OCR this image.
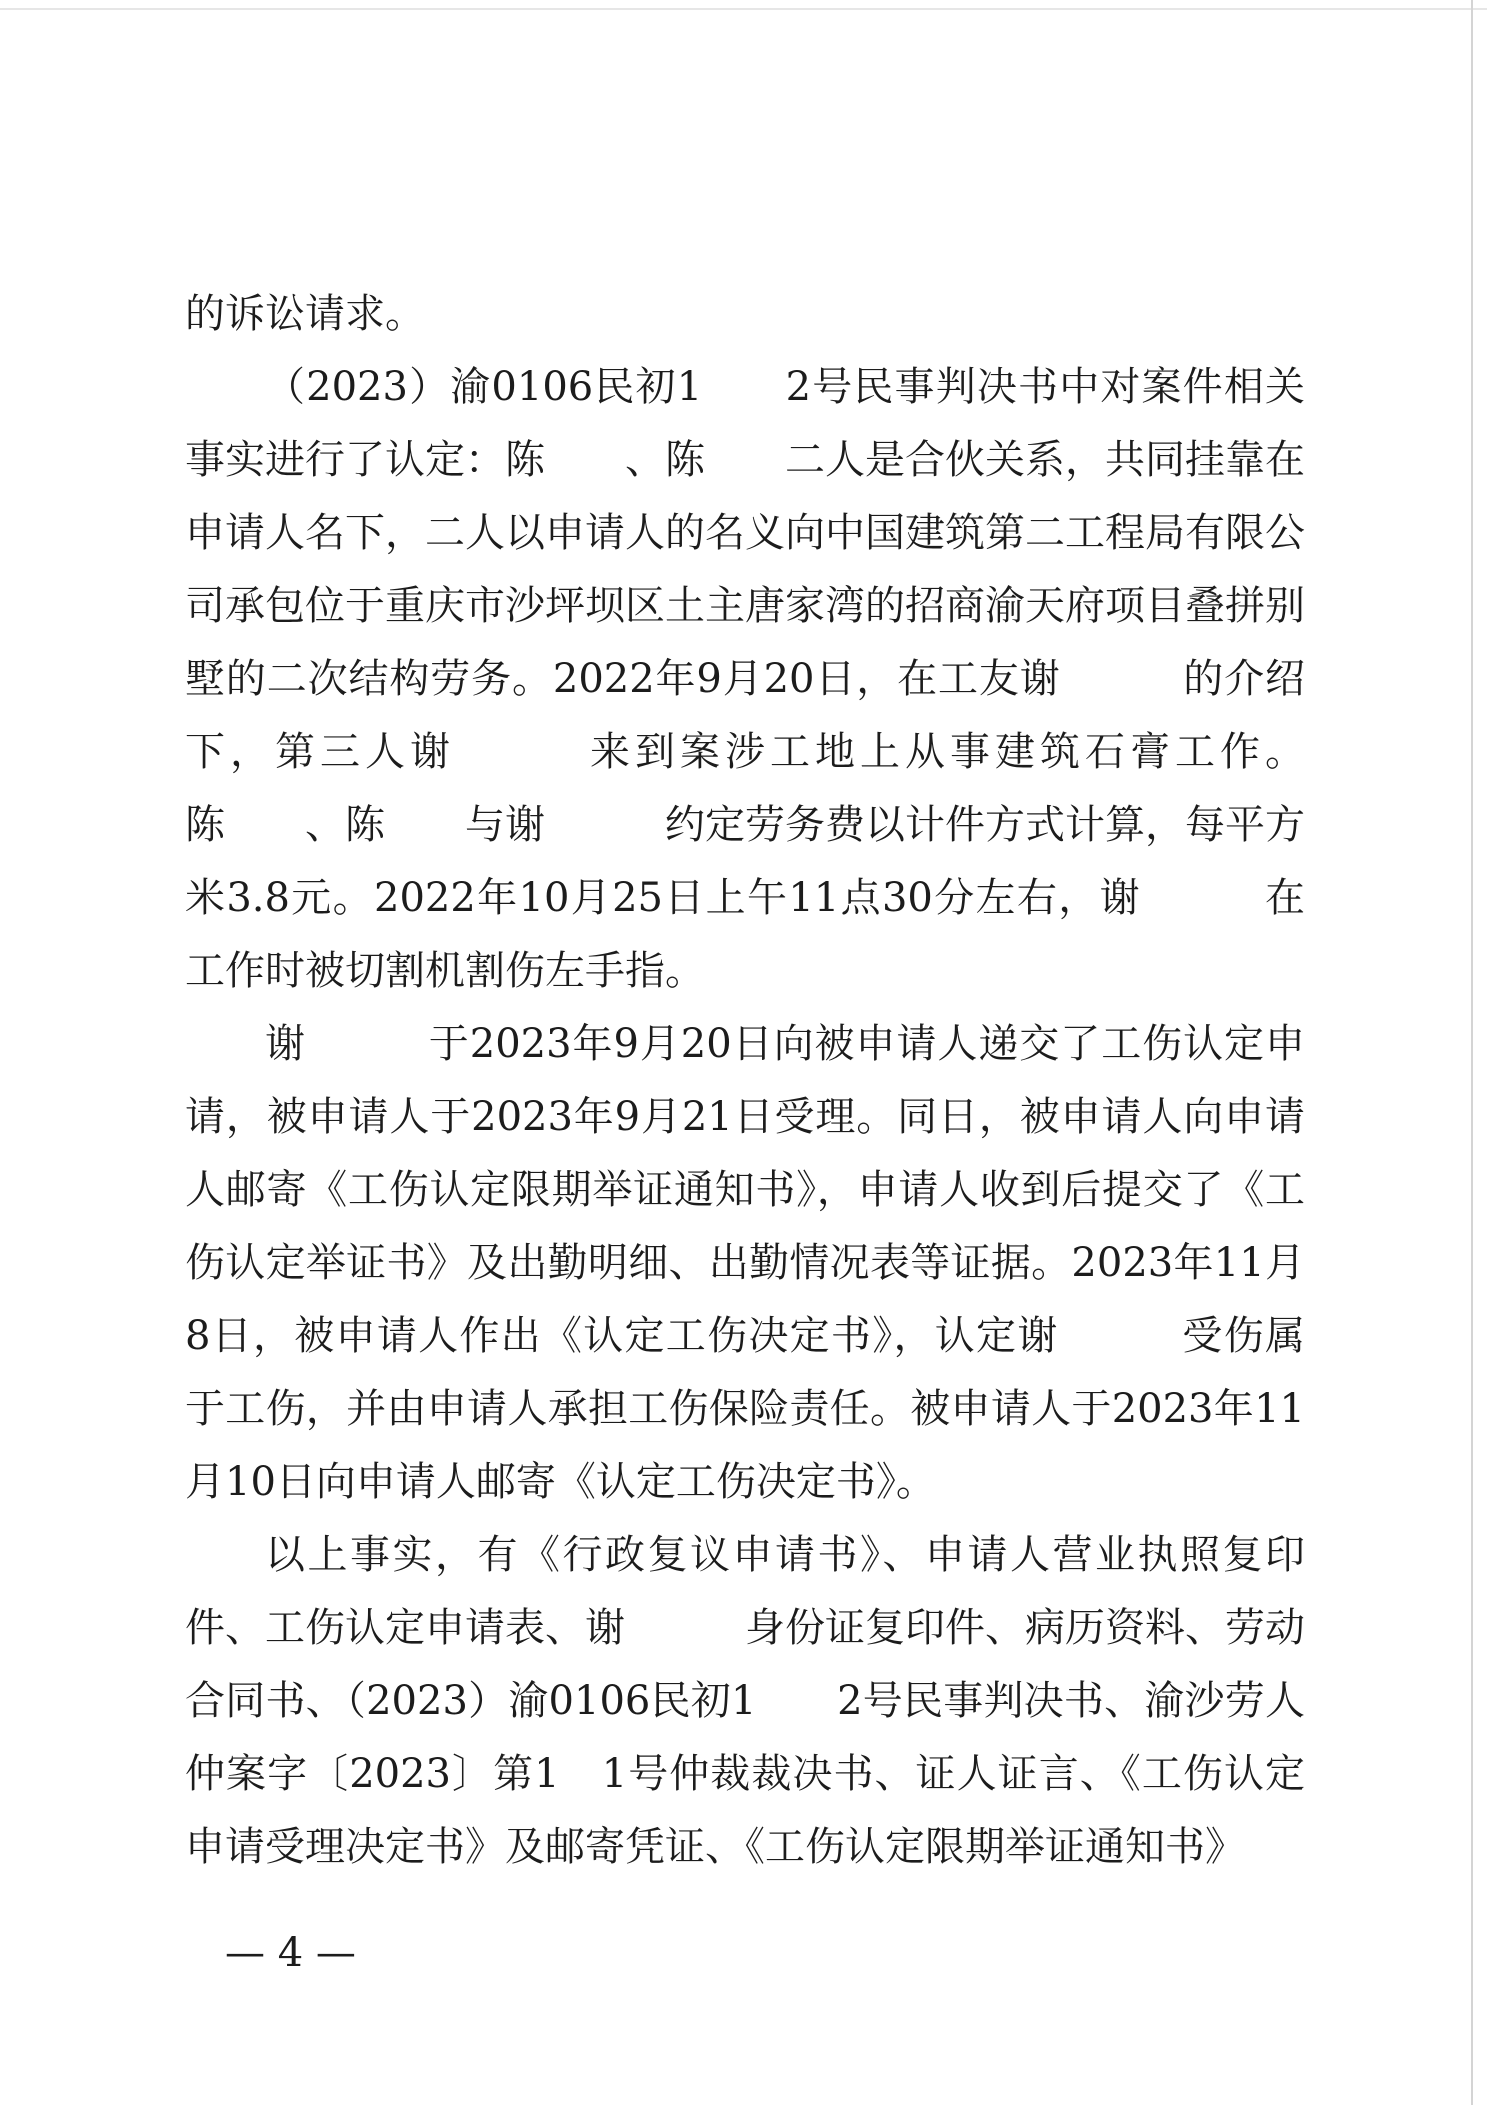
的诉讼请求。

（2023）渝0106民初1　　2号民事判决书中对案件相关事实进行了认定：陈　　、陈　　二人是合伙关系，共同挂靠在申请人名下，二人以申请人的名义向中国建筑第二工程局有限公司承包位于重庆市沙坪坝区土主唐家湾的招商渝天府项目叠拼别墅的二次结构劳务。2022年9月20日，在工友谢　　　的介绍下，第三人谢　　　来到案涉工地上从事建筑石膏工作。陈　　、陈　　与谢　　　约定劳务费以计件方式计算，每平方米3.8元。2022年10月25日上午11点30分左右，谢　　　在工作时被切割机割伤左手指。

谢　　　于2023年9月20日向被申请人递交了工伤认定申请，被申请人于2023年9月21日受理。同日，被申请人向申请人邮寄《工伤认定限期举证通知书》，申请人收到后提交了《工伤认定举证书》及出勤明细、出勤情况表等证据。2023年11月8日，被申请人作出《认定工伤决定书》，认定谢　　　受伤属于工伤，并由申请人承担工伤保险责任。被申请人于2023年11月10日向申请人邮寄《认定工伤决定书》。

以上事实，有《行政复议申请书》、申请人营业执照复印件、工伤认定申请表、谢　　　身份证复印件、病历资料、劳动合同书、（2023）渝0106民初1　　2号民事判决书、渝沙劳人仲案字〔2023〕第1　1号仲裁裁决书、证人证言、《工伤认定申请受理决定书》及邮寄凭证、《工伤认定限期举证通知书》

— 4 —
